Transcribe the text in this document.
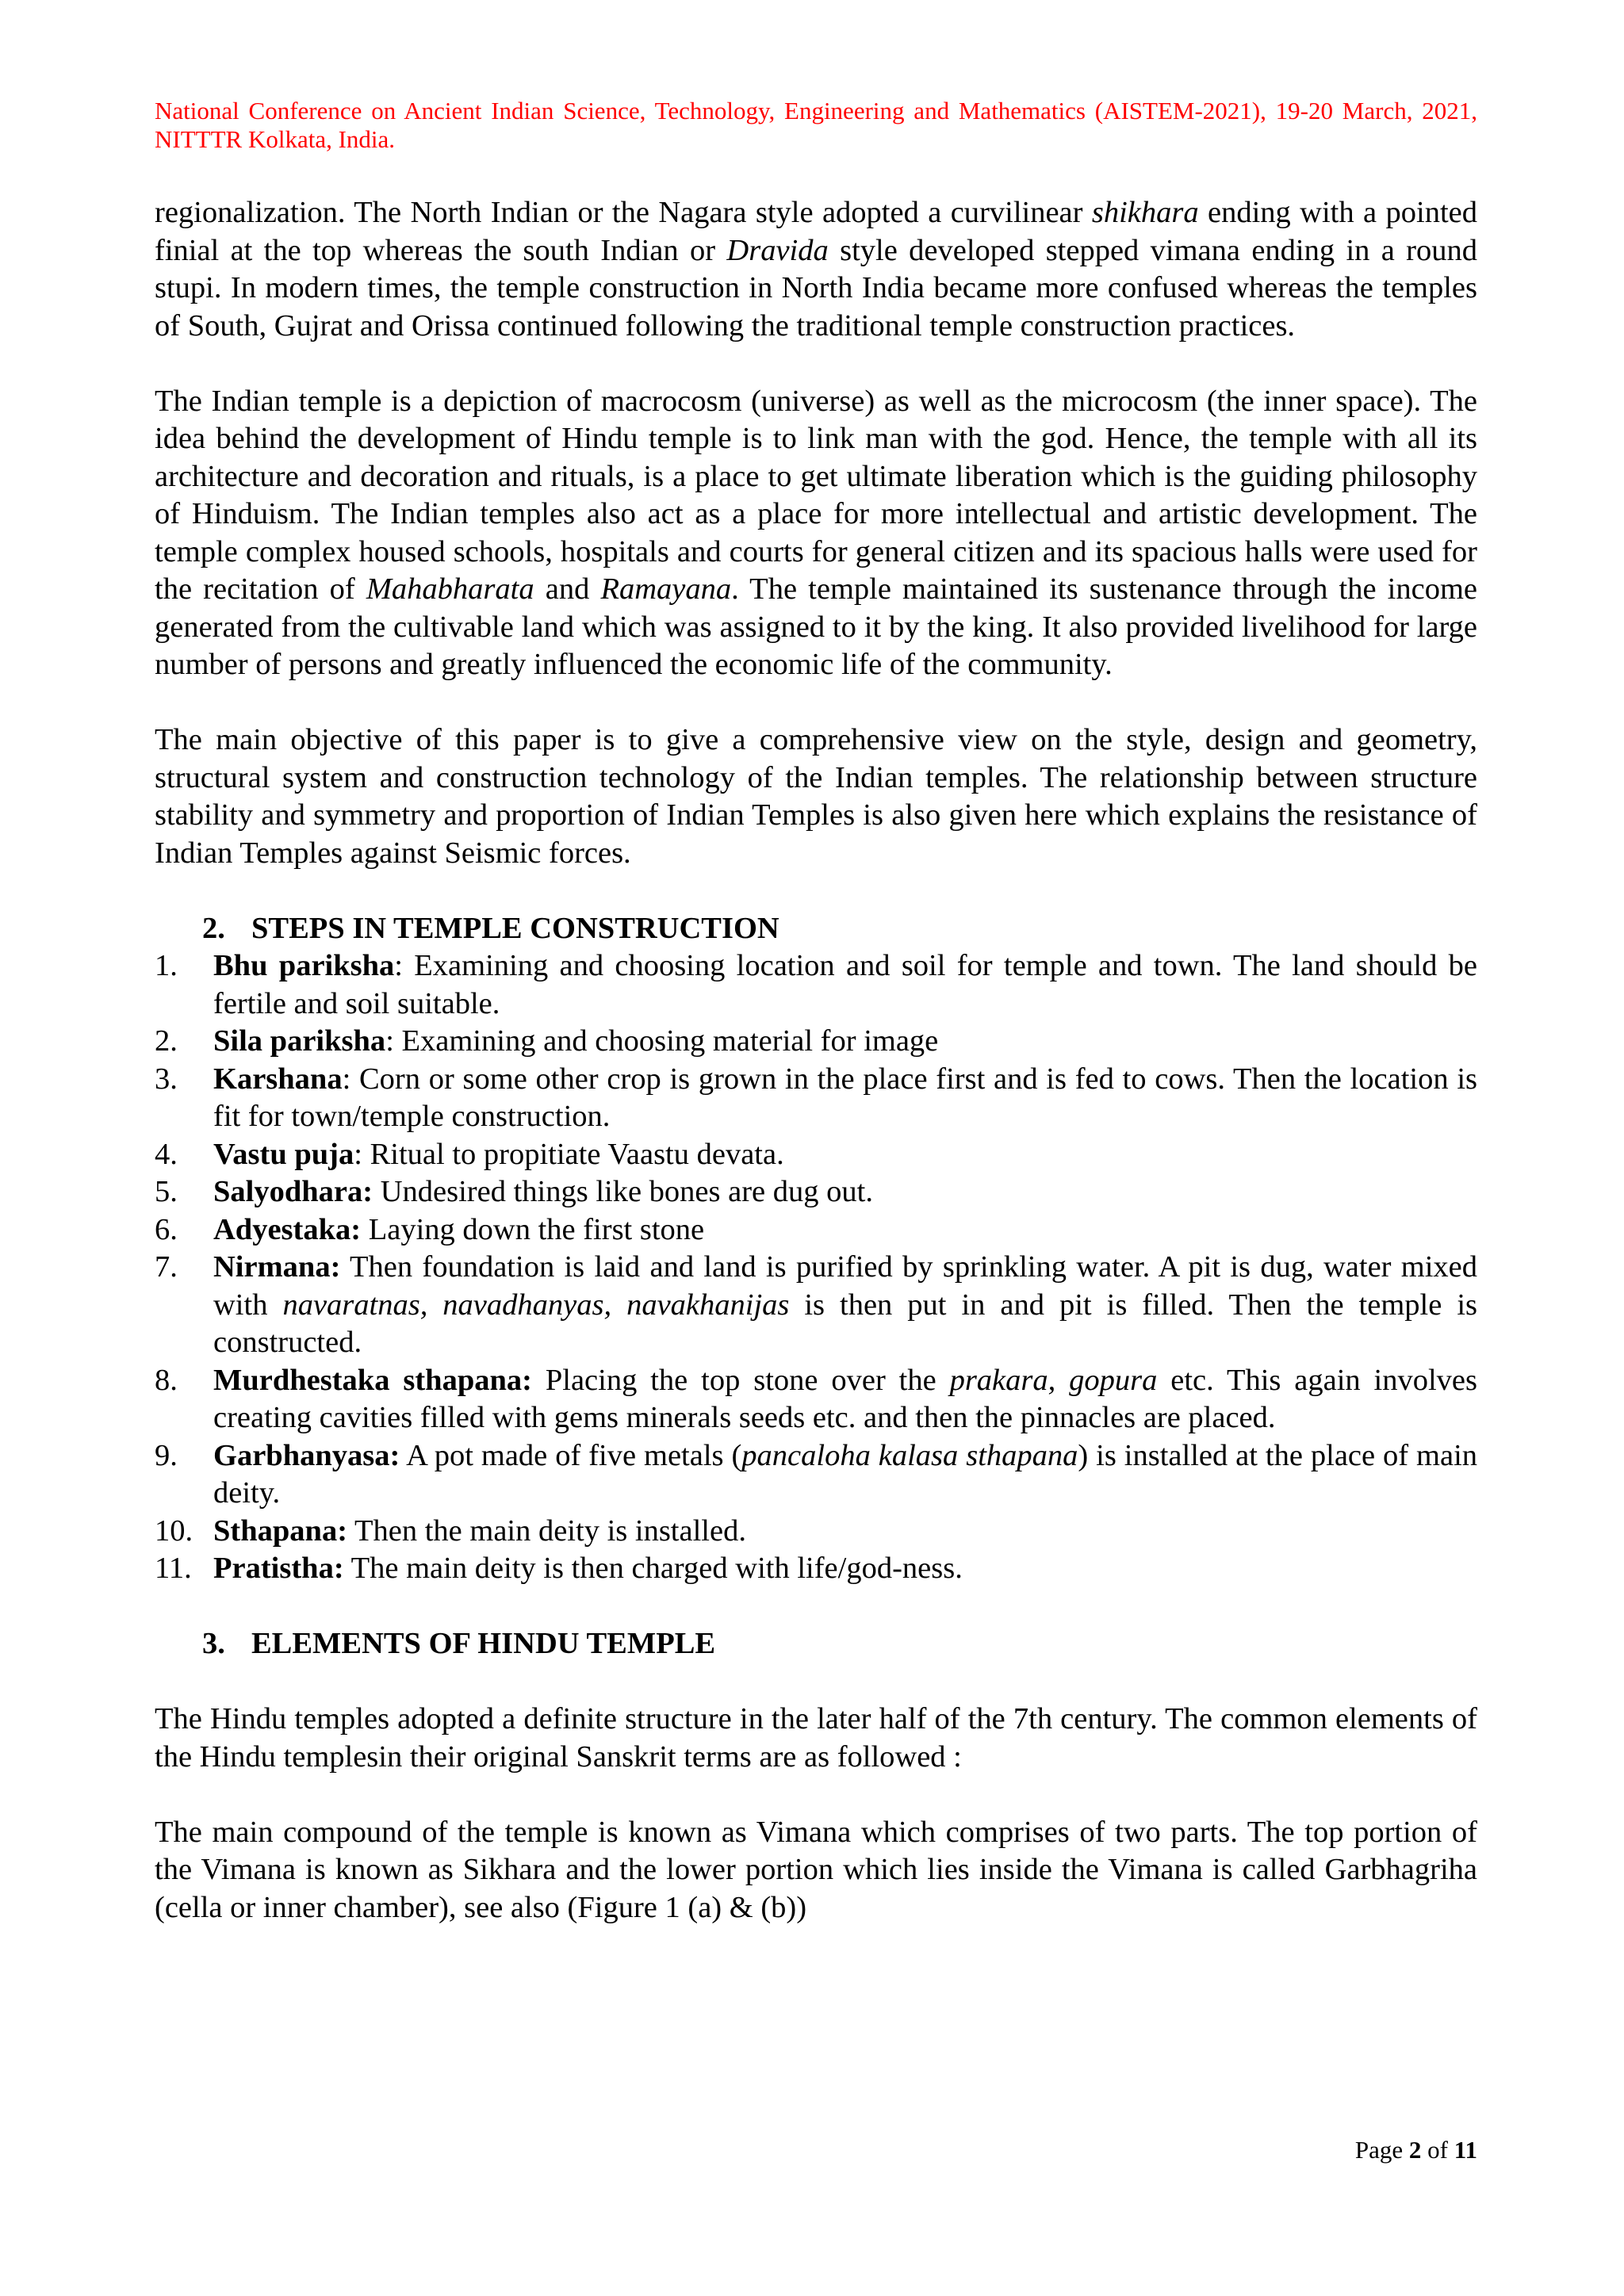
National Conference on Ancient Indian Science, Technology, Engineering and Mathematics (AISTEM-2021), 19-20 March, 2021, NITTTR Kolkata, India.

regionalization. The North Indian or the Nagara style adopted a curvilinear shikhara ending with a pointed finial at the top whereas the south Indian or Dravida style developed stepped vimana ending in a round stupi. In modern times, the temple construction in North India became more confused whereas the temples of South, Gujrat and Orissa continued following the traditional temple construction practices.

The Indian temple is a depiction of macrocosm (universe) as well as the microcosm (the inner space). The idea behind the development of Hindu temple is to link man with the god. Hence, the temple with all its architecture and decoration and rituals, is a place to get ultimate liberation which is the guiding philosophy of Hinduism. The Indian temples also act as a place for more intellectual and artistic development. The temple complex housed schools, hospitals and courts for general citizen and its spacious halls were used for the recitation of Mahabharata and Ramayana. The temple maintained its sustenance through the income generated from the cultivable land which was assigned to it by the king. It also provided livelihood for large number of persons and greatly influenced the economic life of the community.

The main objective of this paper is to give a comprehensive view on the style, design and geometry, structural system and construction technology of the Indian temples. The relationship between structure stability and symmetry and proportion of Indian Temples is also given here which explains the resistance of Indian Temples against Seismic forces.

2. STEPS IN TEMPLE CONSTRUCTION
1.	Bhu pariksha: Examining and choosing location and soil for temple and town. The land should be fertile and soil suitable.
2.	Sila pariksha: Examining and choosing material for image
3.	Karshana: Corn or some other crop is grown in the place first and is fed to cows. Then the location is fit for town/temple construction.
4.	Vastu puja: Ritual to propitiate Vaastu devata.
5.	Salyodhara: Undesired things like bones are dug out.
6.	Adyestaka: Laying down the first stone
7.	Nirmana: Then foundation is laid and land is purified by sprinkling water. A pit is dug, water mixed with navaratnas, navadhanyas, navakhanijas is then put in and pit is filled. Then the temple is constructed.
8.	Murdhestaka sthapana: Placing the top stone over the prakara, gopura etc. This again involves creating cavities filled with gems minerals seeds etc. and then the pinnacles are placed.
9.	Garbhanyasa: A pot made of five metals (pancaloha kalasa sthapana) is installed at the place of main deity.
10. Sthapana: Then the main deity is installed.
11. Pratistha: The main deity is then charged with life/god-ness.
3. ELEMENTS OF HINDU TEMPLE

The Hindu temples adopted a definite structure in the later half of the 7th century. The common elements of the Hindu templesin their original Sanskrit terms are as followed :

The main compound of the temple is known as Vimana which comprises of two parts. The top portion of the Vimana is known as Sikhara and the lower portion which lies inside the Vimana is called Garbhagriha (cella or inner chamber), see also (Figure 1 (a) & (b))

Page 2 of 11
